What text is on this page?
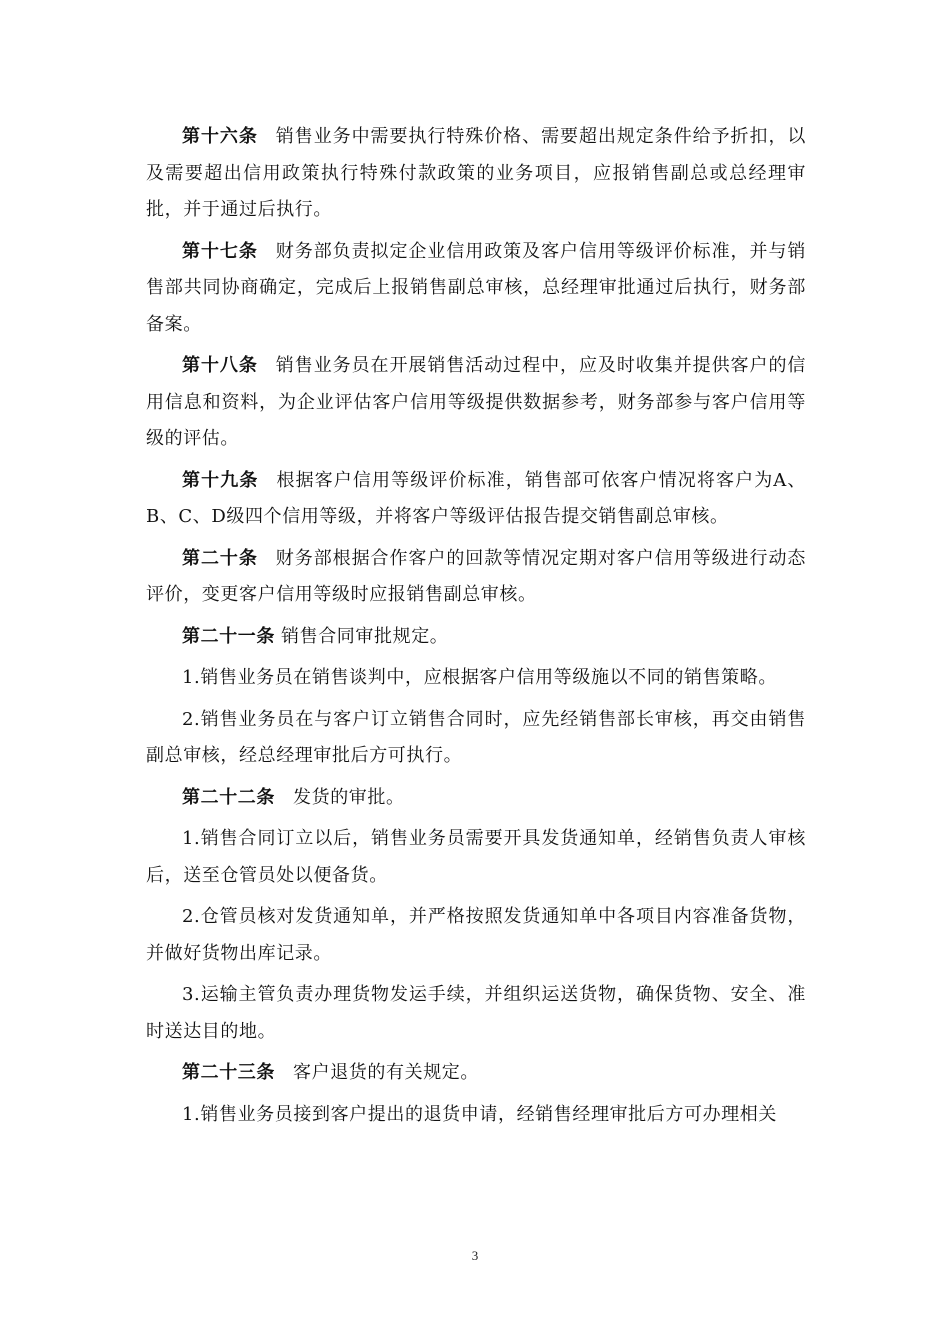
第十六条 销售业务中需要执行特殊价格、需要超出规定条件给予折扣，以及需要超出信用政策执行特殊付款政策的业务项目，应报销售副总或总经理审批，并于通过后执行。

第十七条 财务部负责拟定企业信用政策及客户信用等级评价标准，并与销售部共同协商确定，完成后上报销售副总审核，总经理审批通过后执行，财务部备案。

第十八条 销售业务员在开展销售活动过程中，应及时收集并提供客户的信用信息和资料，为企业评估客户信用等级提供数据参考，财务部参与客户信用等级的评估。

第十九条 根据客户信用等级评价标准，销售部可依客户情况将客户为A、B、C、D级四个信用等级，并将客户等级评估报告提交销售副总审核。

第二十条 财务部根据合作客户的回款等情况定期对客户信用等级进行动态评价，变更客户信用等级时应报销售副总审核。

第二十一条 销售合同审批规定。

1.销售业务员在销售谈判中，应根据客户信用等级施以不同的销售策略。

2.销售业务员在与客户订立销售合同时，应先经销售部长审核，再交由销售副总审核，经总经理审批后方可执行。

第二十二条 发货的审批。

1.销售合同订立以后，销售业务员需要开具发货通知单，经销售负责人审核后，送至仓管员处以便备货。

2.仓管员核对发货通知单，并严格按照发货通知单中各项目内容准备货物，并做好货物出库记录。

3.运输主管负责办理货物发运手续，并组织运送货物，确保货物、安全、准时送达目的地。

第二十三条 客户退货的有关规定。

1.销售业务员接到客户提出的退货申请，经销售经理审批后方可办理相关

3
